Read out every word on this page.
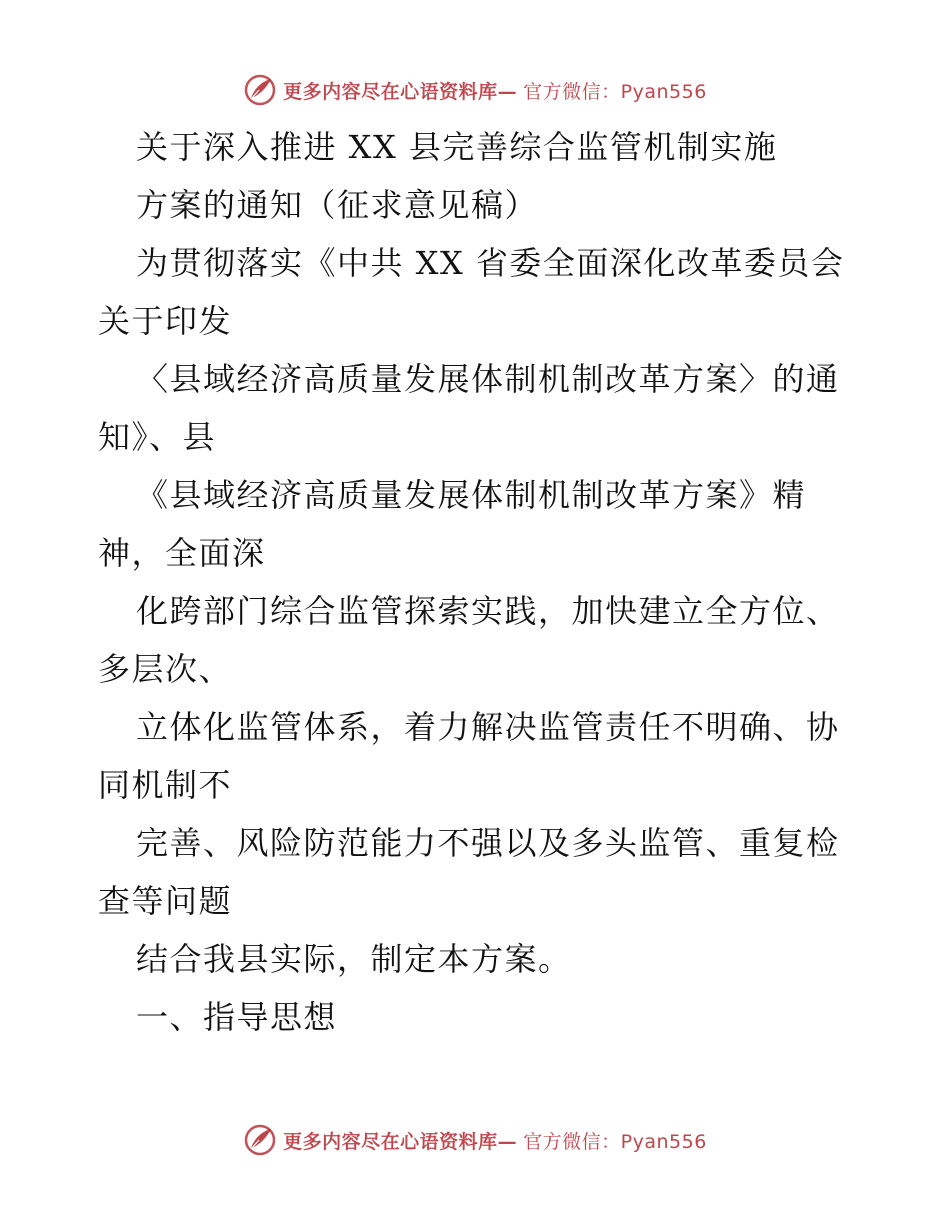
更多内容尽在心语资料库— 官方微信：Pyan556
关于深入推进 XX 县完善综合监管机制实施
方案的通知（征求意见稿）
为贯彻落实《中共 XX 省委全面深化改革委员会
关于印发
〈县域经济高质量发展体制机制改革方案〉的通
知》、县
《县域经济高质量发展体制机制改革方案》精
神，全面深
化跨部门综合监管探索实践，加快建立全方位、
多层次、
立体化监管体系，着力解决监管责任不明确、协
同机制不
完善、风险防范能力不强以及多头监管、重复检
查等问题
结合我县实际，制定本方案。
一、指导思想
更多内容尽在心语资料库— 官方微信：Pyan556
